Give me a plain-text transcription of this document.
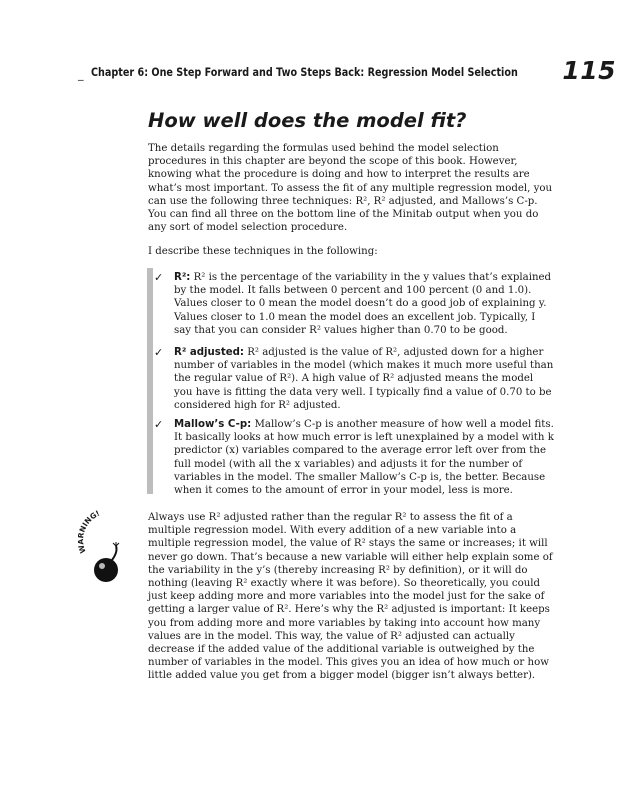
_ Chapter 6: One Step Forward and Two Steps Back: Regression Model Selection 115
How well does the model fit?

The details regarding the formulas used behind the model selection procedures in this chapter are beyond the scope of this book. However, knowing what the procedure is doing and how to interpret the results are what’s most important. To assess the fit of any multiple regression model, you can use the following three techniques: R², R² adjusted, and Mallows’s C-p. You can find all three on the bottom line of the Minitab output when you do any sort of model selection procedure.

I describe these techniques in the following:

✓ R²: R² is the percentage of the variability in the y values that’s explained by the model. It falls between 0 percent and 100 percent (0 and 1.0). Values closer to 0 mean the model doesn’t do a good job of explaining y. Values closer to 1.0 mean the model does an excellent job. Typically, I say that you can consider R² values higher than 0.70 to be good.
✓ R² adjusted: R² adjusted is the value of R², adjusted down for a higher number of variables in the model (which makes it much more useful than the regular value of R²). A high value of R² adjusted means the model you have is fitting the data very well. I typically find a value of 0.70 to be considered high for R² adjusted.
✓ Mallow’s C-p: Mallow’s C-p is another measure of how well a model fits. It basically looks at how much error is left unexplained by a model with k predictor (x) variables compared to the average error left over from the full model (with all the x variables) and adjusts it for the number of variables in the model. The smaller Mallow’s C-p is, the better. Because when it comes to the amount of error in your model, less is more.
NING!	Always use R² adjusted rather than the regular R² to assess the fit of a multiple regression model. With every addition of a new variable into a multiple regression model, the value of R² stays the same or increases; it will never go down. That’s because a new variable will either help explain some of the variability in the y’s (thereby increasing R² by definition), or it will do nothing (leaving R² exactly where it was before). So theoretically, you could just keep adding more and more variables into the model just for the sake of getting a larger value of R². Here’s why the R² adjusted is important: It keeps you from adding more and more variables by taking into account how many values are in the model. This way, the value of R² adjusted can actually decrease if the added value of the additional variable is outweighed by the number of variables in the model. This gives you an idea of how much or how little added value you get from a bigger model (bigger isn’t always better).
